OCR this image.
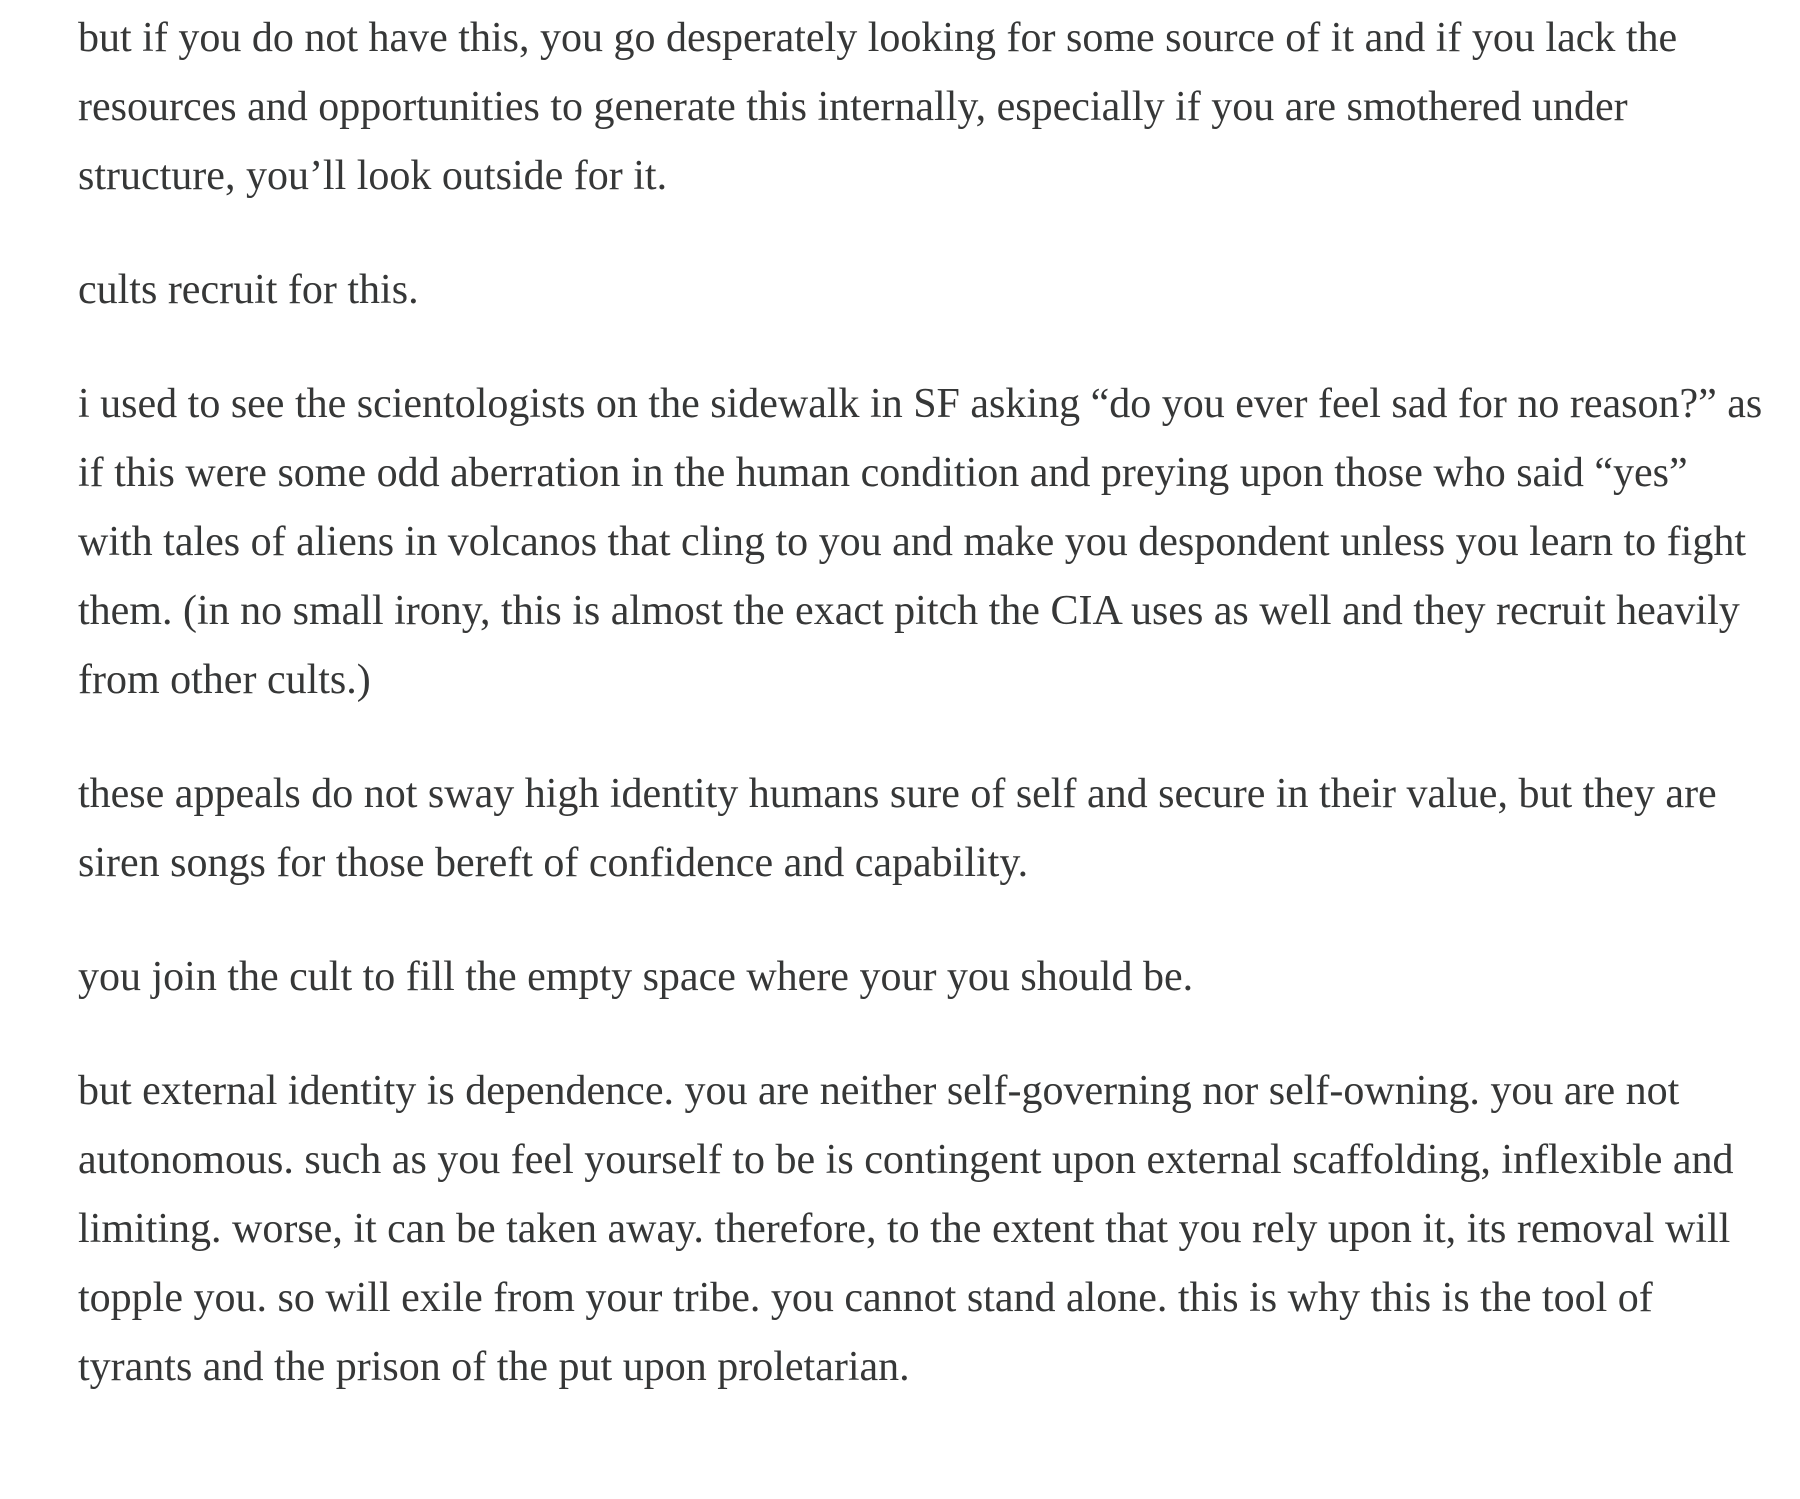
but if you do not have this, you go desperately looking for some source of it and if you lack the resources and opportunities to generate this internally, especially if you are smothered under structure, you’ll look outside for it.

cults recruit for this.

i used to see the scientologists on the sidewalk in SF asking “do you ever feel sad for no reason?” as if this were some odd aberration in the human condition and preying upon those who said “yes” with tales of aliens in volcanos that cling to you and make you despondent unless you learn to fight them. (in no small irony, this is almost the exact pitch the CIA uses as well and they recruit heavily from other cults.)

these appeals do not sway high identity humans sure of self and secure in their value, but they are siren songs for those bereft of confidence and capability.

you join the cult to fill the empty space where your you should be.

but external identity is dependence. you are neither self-governing nor self-owning. you are not autonomous. such as you feel yourself to be is contingent upon external scaffolding, inflexible and limiting. worse, it can be taken away. therefore, to the extent that you rely upon it, its removal will topple you. so will exile from your tribe. you cannot stand alone. this is why this is the tool of tyrants and the prison of the put upon proletarian.
